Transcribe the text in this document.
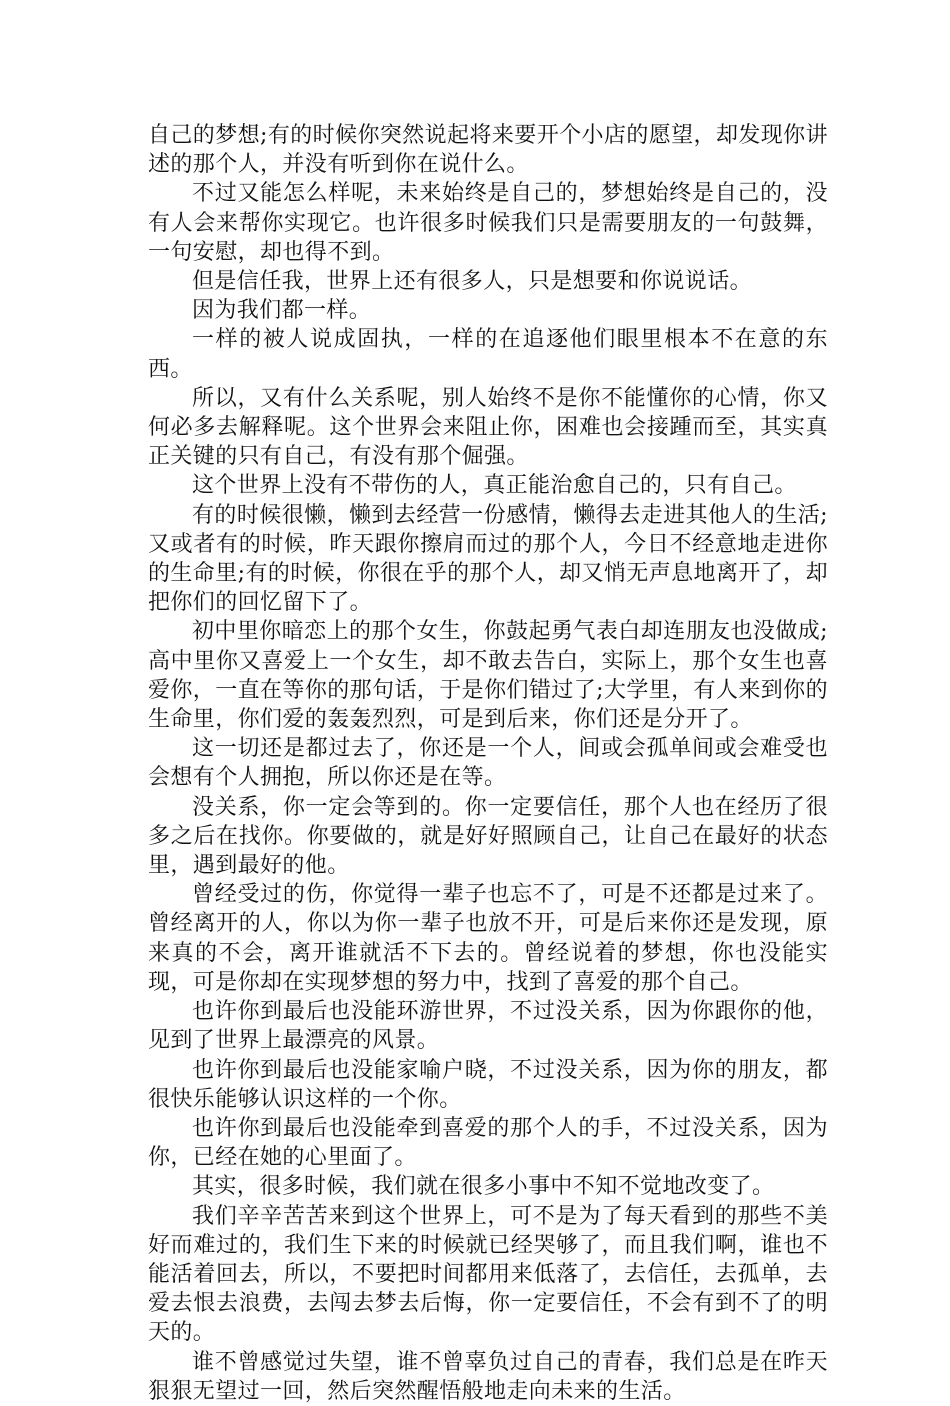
自己的梦想;有的时候你突然说起将来要开个小店的愿望，却发现你讲述的那个人，并没有听到你在说什么。

不过又能怎么样呢，未来始终是自己的，梦想始终是自己的，没有人会来帮你实现它。也许很多时候我们只是需要朋友的一句鼓舞，一句安慰，却也得不到。

但是信任我，世界上还有很多人，只是想要和你说说话。

因为我们都一样。

一样的被人说成固执，一样的在追逐他们眼里根本不在意的东西。

所以，又有什么关系呢，别人始终不是你不能懂你的心情，你又何必多去解释呢。这个世界会来阻止你，困难也会接踵而至，其实真正关键的只有自己，有没有那个倔强。

这个世界上没有不带伤的人，真正能治愈自己的，只有自己。

有的时候很懒，懒到去经营一份感情，懒得去走进其他人的生活;又或者有的时候，昨天跟你擦肩而过的那个人，今日不经意地走进你的生命里;有的时候，你很在乎的那个人，却又悄无声息地离开了，却把你们的回忆留下了。

初中里你暗恋上的那个女生，你鼓起勇气表白却连朋友也没做成;高中里你又喜爱上一个女生，却不敢去告白，实际上，那个女生也喜爱你，一直在等你的那句话，于是你们错过了;大学里，有人来到你的生命里，你们爱的轰轰烈烈，可是到后来，你们还是分开了。

这一切还是都过去了，你还是一个人，间或会孤单间或会难受也会想有个人拥抱，所以你还是在等。

没关系，你一定会等到的。你一定要信任，那个人也在经历了很多之后在找你。你要做的，就是好好照顾自己，让自己在最好的状态里，遇到最好的他。

曾经受过的伤，你觉得一辈子也忘不了，可是不还都是过来了。曾经离开的人，你以为你一辈子也放不开，可是后来你还是发现，原来真的不会，离开谁就活不下去的。曾经说着的梦想，你也没能实现，可是你却在实现梦想的努力中，找到了喜爱的那个自己。

也许你到最后也没能环游世界，不过没关系，因为你跟你的他，见到了世界上最漂亮的风景。

也许你到最后也没能家喻户晓，不过没关系，因为你的朋友，都很快乐能够认识这样的一个你。

也许你到最后也没能牵到喜爱的那个人的手，不过没关系，因为你，已经在她的心里面了。

其实，很多时候，我们就在很多小事中不知不觉地改变了。

我们辛辛苦苦来到这个世界上，可不是为了每天看到的那些不美好而难过的，我们生下来的时候就已经哭够了，而且我们啊，谁也不能活着回去，所以，不要把时间都用来低落了，去信任，去孤单，去爱去恨去浪费，去闯去梦去后悔，你一定要信任，不会有到不了的明天的。

谁不曾感觉过失望，谁不曾辜负过自己的青春，我们总是在昨天狠狠无望过一回，然后突然醒悟般地走向未来的生活。
